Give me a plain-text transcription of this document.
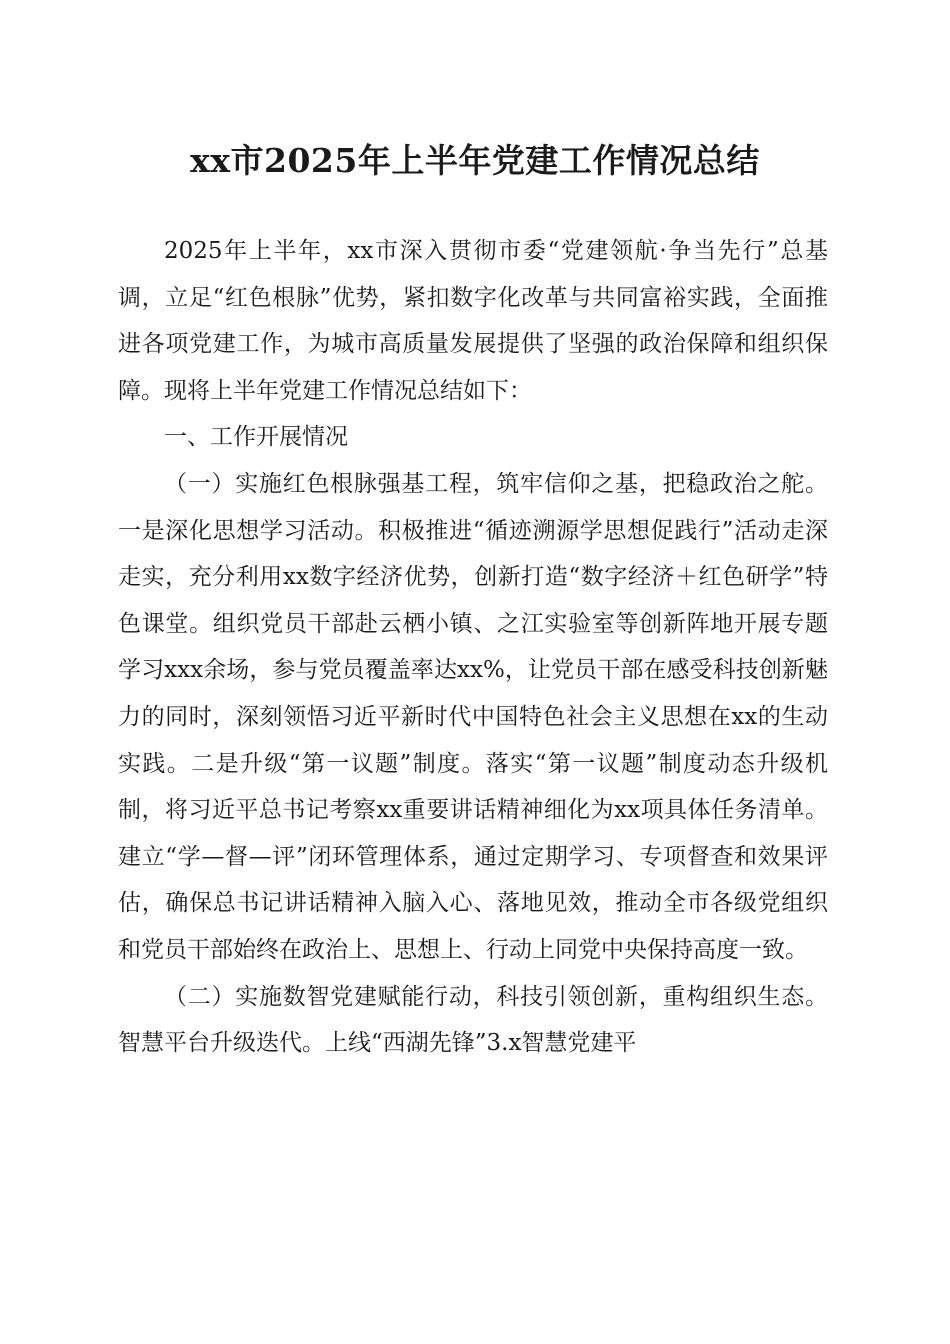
xx市2025年上半年党建工作情况总结

2025年上半年，xx市深入贯彻市委“党建领航·争当先行”总基调，立足“红色根脉”优势，紧扣数字化改革与共同富裕实践，全面推进各项党建工作，为城市高质量发展提供了坚强的政治保障和组织保障。现将上半年党建工作情况总结如下：

一、工作开展情况

（一）实施红色根脉强基工程，筑牢信仰之基，把稳政治之舵。一是深化思想学习活动。积极推进“循迹溯源学思想促践行”活动走深走实，充分利用xx数字经济优势，创新打造“数字经济＋红色研学”特色课堂。组织党员干部赴云栖小镇、之江实验室等创新阵地开展专题学习xxx余场，参与党员覆盖率达xx%，让党员干部在感受科技创新魅力的同时，深刻领悟习近平新时代中国特色社会主义思想在xx的生动实践。二是升级“第一议题”制度。落实“第一议题”制度动态升级机制，将习近平总书记考察xx重要讲话精神细化为xx项具体任务清单。建立“学—督—评”闭环管理体系，通过定期学习、专项督查和效果评估，确保总书记讲话精神入脑入心、落地见效，推动全市各级党组织和党员干部始终在政治上、思想上、行动上同党中央保持高度一致。

（二）实施数智党建赋能行动，科技引领创新，重构组织生态。智慧平台升级迭代。上线“西湖先锋”3.x智慧党建平
